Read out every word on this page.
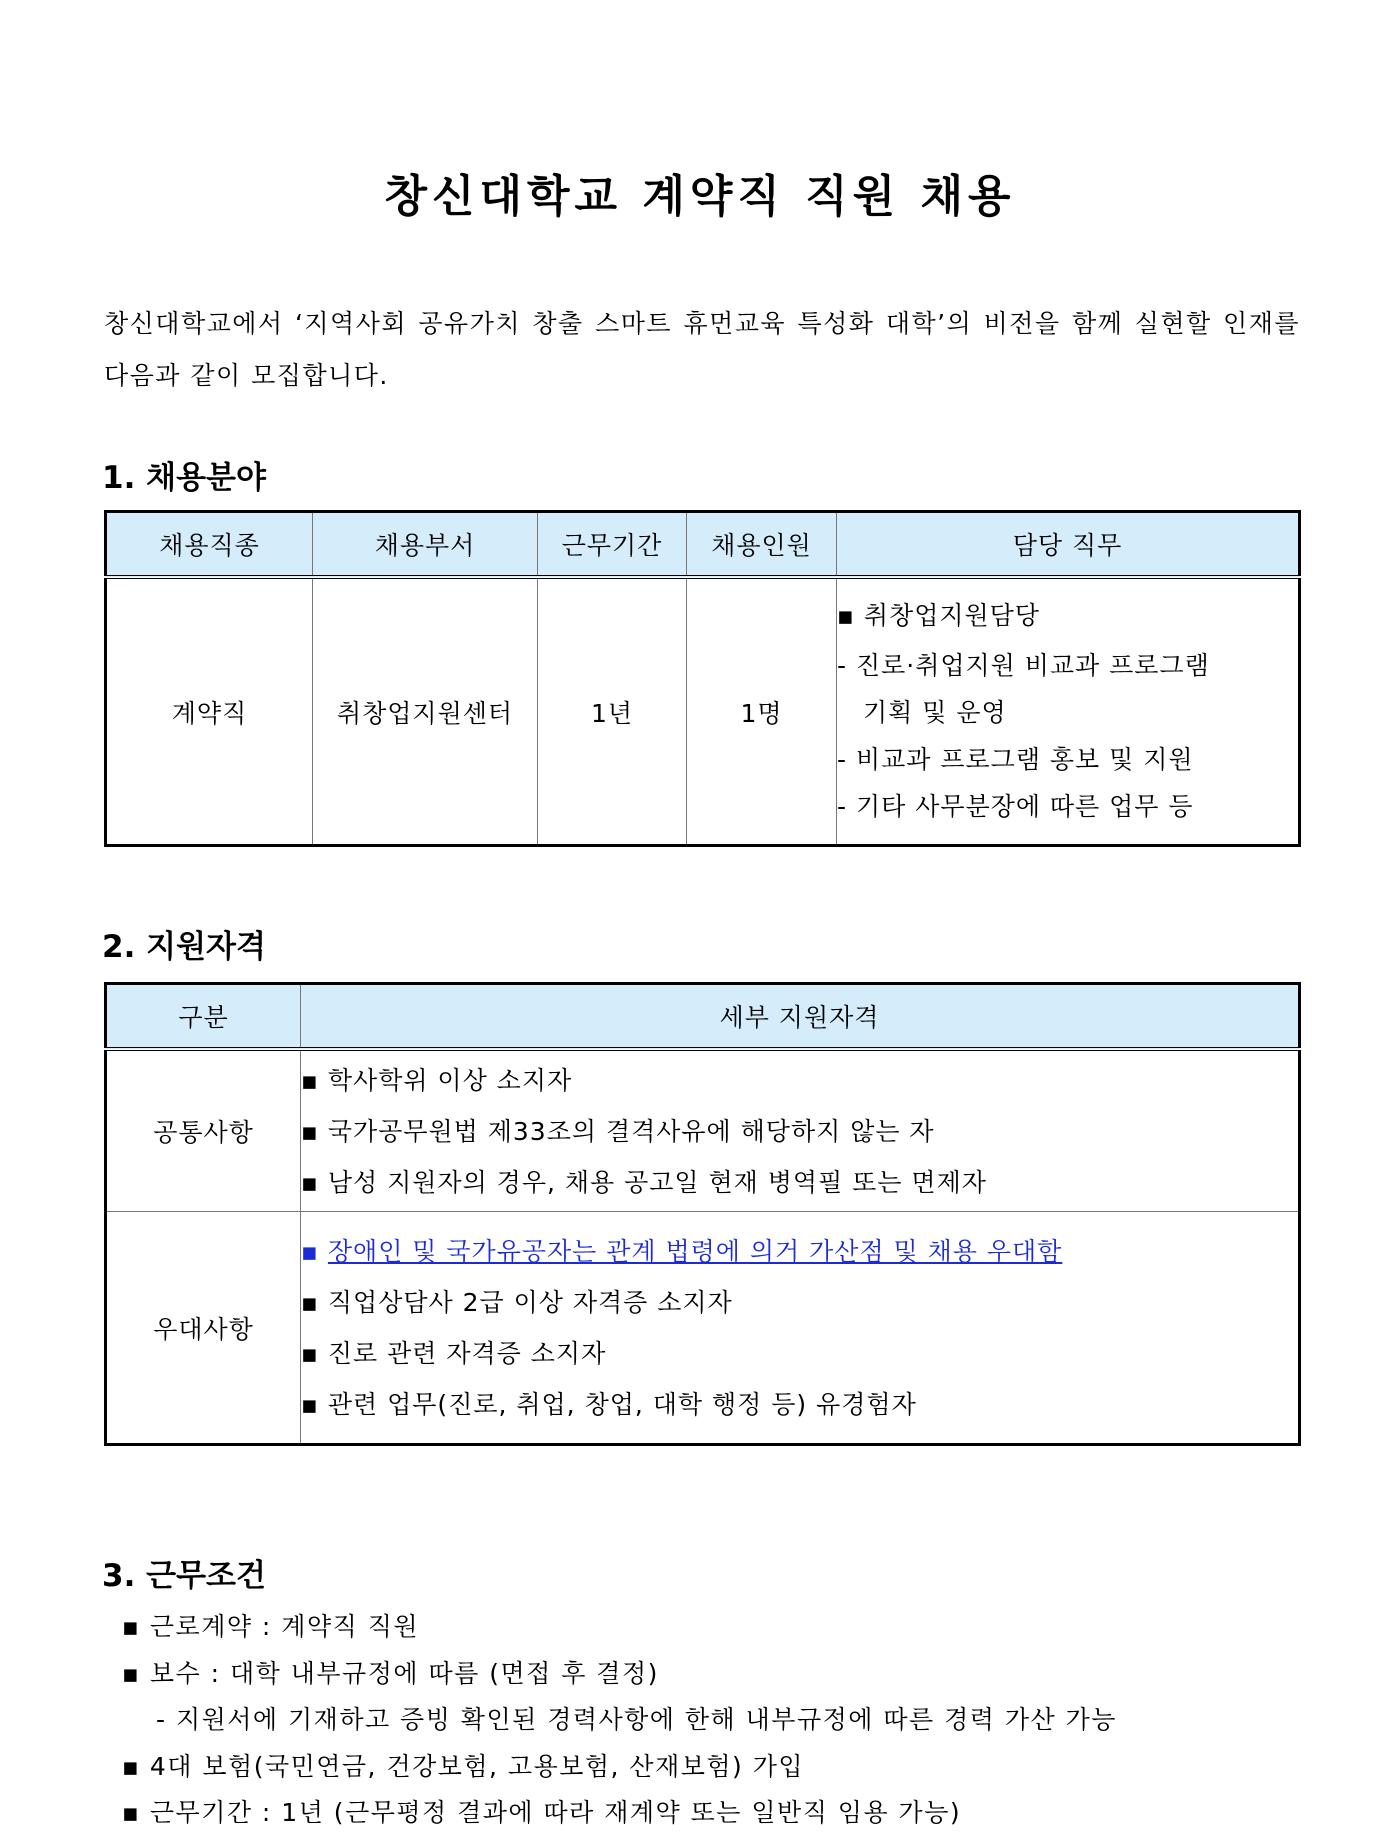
창신대학교 계약직 직원 채용
창신대학교에서 ‘지역사회 공유가치 창출 스마트 휴먼교육 특성화 대학’의 비전을 함께 실현할 인재를 다음과 같이 모집합니다.
1. 채용분야
채용직종	채용부서	근무기간	채용인원	담당 직무
계약직	취창업지원센터	1년	1명	▪ 취창업지원담당
- 진로·취업지원 비교과 프로그램
기획 및 운영
- 비교과 프로그램 홍보 및 지원
- 기타 사무분장에 따른 업무 등
2. 지원자격
구분	세부 지원자격
공통사항	▪ 학사학위 이상 소지자
▪ 국가공무원법 제33조의 결격사유에 해당하지 않는 자
▪ 남성 지원자의 경우, 채용 공고일 현재 병역필 또는 면제자

우대사항	▪ 장애인 및 국가유공자는 관계 법령에 의거 가산점 및 채용 우대함
▪ 직업상담사 2급 이상 자격증 소지자
▪ 진로 관련 자격증 소지자
▪ 관련 업무(진로, 취업, 창업, 대학 행정 등) 유경험자
3. 근무조건
▪ 근로계약 : 계약직 직원
▪ 보수 : 대학 내부규정에 따름 (면접 후 결정)
- 지원서에 기재하고 증빙 확인된 경력사항에 한해 내부규정에 따른 경력 가산 가능
▪ 4대 보험(국민연금, 건강보험, 고용보험, 산재보험) 가입
▪ 근무기간 : 1년 (근무평정 결과에 따라 재계약 또는 일반직 임용 가능)
